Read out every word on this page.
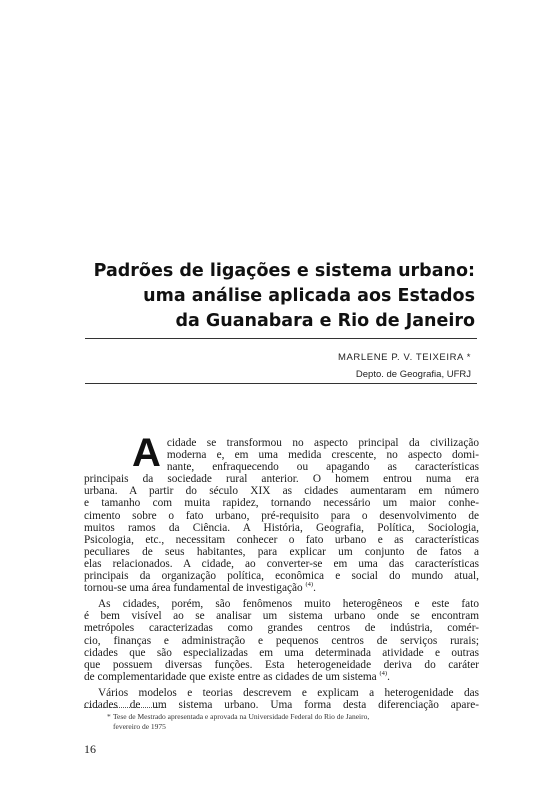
Padrões de ligações e sistema urbano:
uma análise aplicada aos Estados
da Guanabara e Rio de Janeiro
MARLENE P. V. TEIXEIRA *
Depto. de Geografia, UFRJ
A cidade se transformou no aspecto principal da civilização
moderna e, em uma medida crescente, no aspecto domi-
nante, enfraquecendo ou apagando as características
principais da sociedade rural anterior. O homem entrou numa era
urbana. A partir do século XIX as cidades aumentaram em número
e tamanho com muita rapidez, tornando necessário um maior conhe-
cimento sobre o fato urbano, pré-requisito para o desenvolvimento de
muitos ramos da Ciência. A História, Geografia, Política, Sociologia,
Psicologia, etc., necessitam conhecer o fato urbano e as características
peculiares de seus habitantes, para explicar um conjunto de fatos a
elas relacionados. A cidade, ao converter-se em uma das características
principais da organização política, econômica e social do mundo atual,
tornou-se uma área fundamental de investigação $^{(4)}$.
As cidades, porém, são fenômenos muito heterogêneos e este fato
é bem visível ao se analisar um sistema urbano onde se encontram
metrópoles caracterizadas como grandes centros de indústria, comér-
cio, finanças e administração e pequenos centros de serviços rurais;
cidades que são especializadas em uma determinada atividade e outras
que possuem diversas funções. Esta heterogeneidade deriva do caráter
de complementaridade que existe entre as cidades de um sistema $^{(4)}$.
Vários modelos e teorias descrevem e explicam a heterogenidade das
cidades de um sistema urbano. Uma forma desta diferenciação apare-
* Tese de Mestrado apresentada e aprovada na Universidade Federal do Rio de Janeiro,
fevereiro de 1975
16
